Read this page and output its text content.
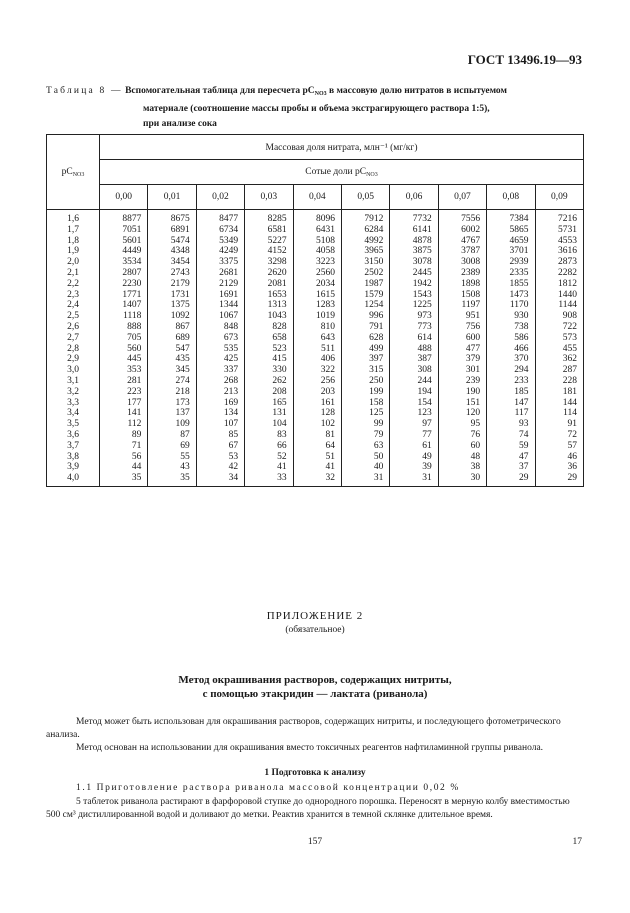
ГОСТ 13496.19—93
Таблица 8 — Вспомогательная таблица для пересчета $pC_{NO3}$ в массовую долю нитратов в испытуемом
материале (соотношение массы пробы и объема экстрагирующего раствора 1:5),
при анализе сока
$pC_{NO3}$	Массовая доля нитрата, млн⁻¹ (мг/кг)									
	Сотые доли $pC_{NO3}$
	0,00	0,01	0,02	0,03	0,04	0,05	0,06	0,07	0,08	0,09
1,6	8877	8675	8477	8285	8096	7912	7732	7556	7384	7216
1,7	7051	6891	6734	6581	6431	6284	6141	6002	5865	5731
1,8	5601	5474	5349	5227	5108	4992	4878	4767	4659	4553
1,9	4449	4348	4249	4152	4058	3965	3875	3787	3701	3616
2,0	3534	3454	3375	3298	3223	3150	3078	3008	2939	2873
2,1	2807	2743	2681	2620	2560	2502	2445	2389	2335	2282
2,2	2230	2179	2129	2081	2034	1987	1942	1898	1855	1812
2,3	1771	1731	1691	1653	1615	1579	1543	1508	1473	1440
2,4	1407	1375	1344	1313	1283	1254	1225	1197	1170	1144
2,5	1118	1092	1067	1043	1019	996	973	951	930	908
2,6	888	867	848	828	810	791	773	756	738	722
2,7	705	689	673	658	643	628	614	600	586	573
2,8	560	547	535	523	511	499	488	477	466	455
2,9	445	435	425	415	406	397	387	379	370	362
3,0	353	345	337	330	322	315	308	301	294	287
3,1	281	274	268	262	256	250	244	239	233	228
3,2	223	218	213	208	203	199	194	190	185	181
3,3	177	173	169	165	161	158	154	151	147	144
3,4	141	137	134	131	128	125	123	120	117	114
3,5	112	109	107	104	102	99	97	95	93	91
3,6	89	87	85	83	81	79	77	76	74	72
3,7	71	69	67	66	64	63	61	60	59	57
3,8	56	55	53	52	51	50	49	48	47	46
3,9	44	43	42	41	41	40	39	38	37	36
4,0	35	35	34	33	32	31	31	30	29	29
ПРИЛОЖЕНИЕ 2
(обязательное)
Метод окрашивания растворов, содержащих нитриты,
с помощью этакридин — лактата (риванола)
Метод может быть использован для окрашивания растворов, содержащих нитриты, и последующего фотометрического анализа.
Метод основан на использовании для окрашивания вместо токсичных реагентов нафтиламинной группы риванола.
1 Подготовка к анализу
1.1 Приготовление раствора риванола массовой концентрации 0,02 %
5 таблеток риванола растирают в фарфоровой ступке до однородного порошка. Переносят в мерную колбу вместимостью 500 см³ дистиллированной водой и доливают до метки. Реактив хранится в темной склянке длительное время.
157	17
